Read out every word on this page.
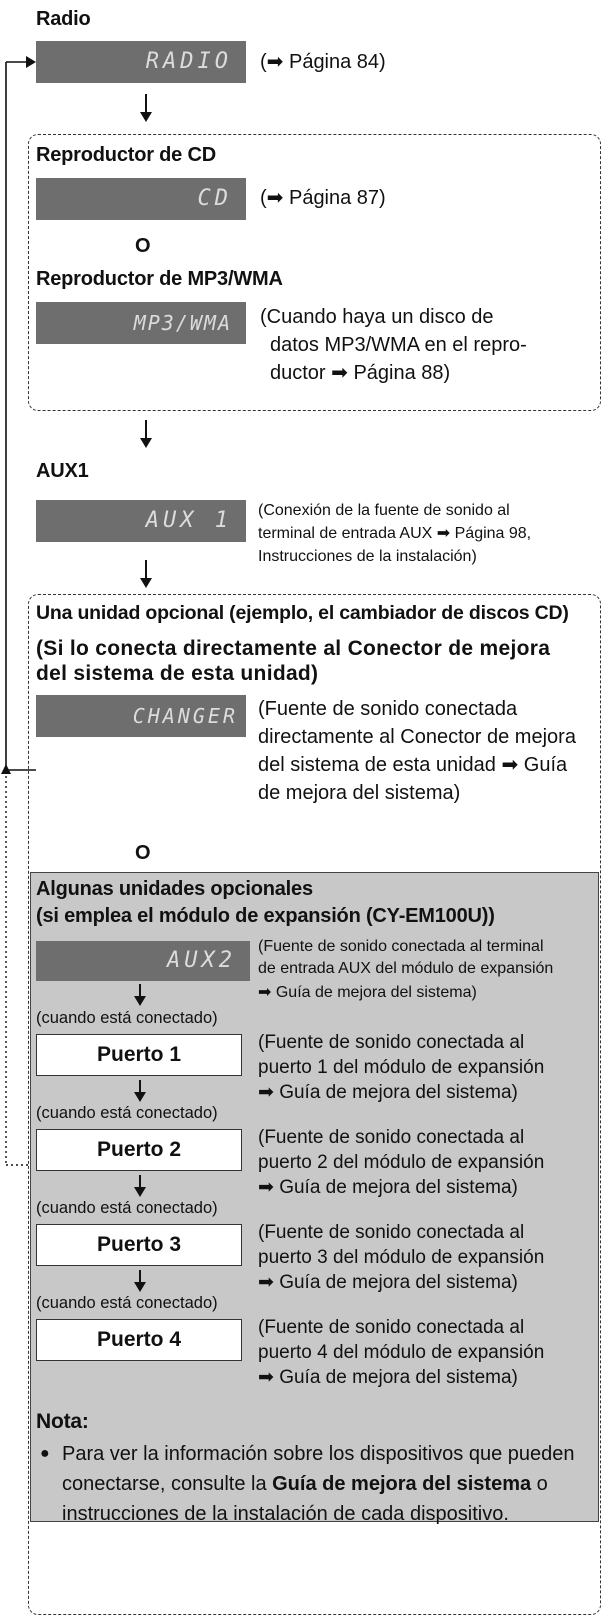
Radio
RADIO	(➡ Página 84)
Reproductor de CD
CD	(➡ Página 87)
O
Reproductor de MP3/WMA
MP3/WMA	(Cuando haya un disco de
datos MP3/WMA en el repro-
ductor ➡ Página 88)
AUX1
AUX 1	(Conexión de la fuente de sonido al
terminal de entrada AUX ➡ Página 98,
Instrucciones de la instalación)
Una unidad opcional (ejemplo, el cambiador de discos CD)
(Si lo conecta directamente al Conector de mejora
del sistema de esta unidad)
CHANGER	(Fuente de sonido conectada
directamente al Conector de mejora
del sistema de esta unidad ➡ Guía
de mejora del sistema)
O
Algunas unidades opcionales
(si emplea el módulo de expansión (CY-EM100U))
AUX2
(Fuente de sonido conectada al terminal
de entrada AUX del módulo de expansión
➡ Guía de mejora del sistema)
(cuando está conectado)
Puerto 1
(Fuente de sonido conectada al
puerto 1 del módulo de expansión
➡ Guía de mejora del sistema)
(cuando está conectado)
Puerto 2
(Fuente de sonido conectada al
puerto 2 del módulo de expansión
➡ Guía de mejora del sistema)
(cuando está conectado)
Puerto 3
(Fuente de sonido conectada al
puerto 3 del módulo de expansión
➡ Guía de mejora del sistema)
(cuando está conectado)
Puerto 4
(Fuente de sonido conectada al
puerto 4 del módulo de expansión
➡ Guía de mejora del sistema)
Nota:
● Para ver la información sobre los dispositivos que pueden
conectarse, consulte la Guía de mejora del sistema o
instrucciones de la instalación de cada dispositivo.
